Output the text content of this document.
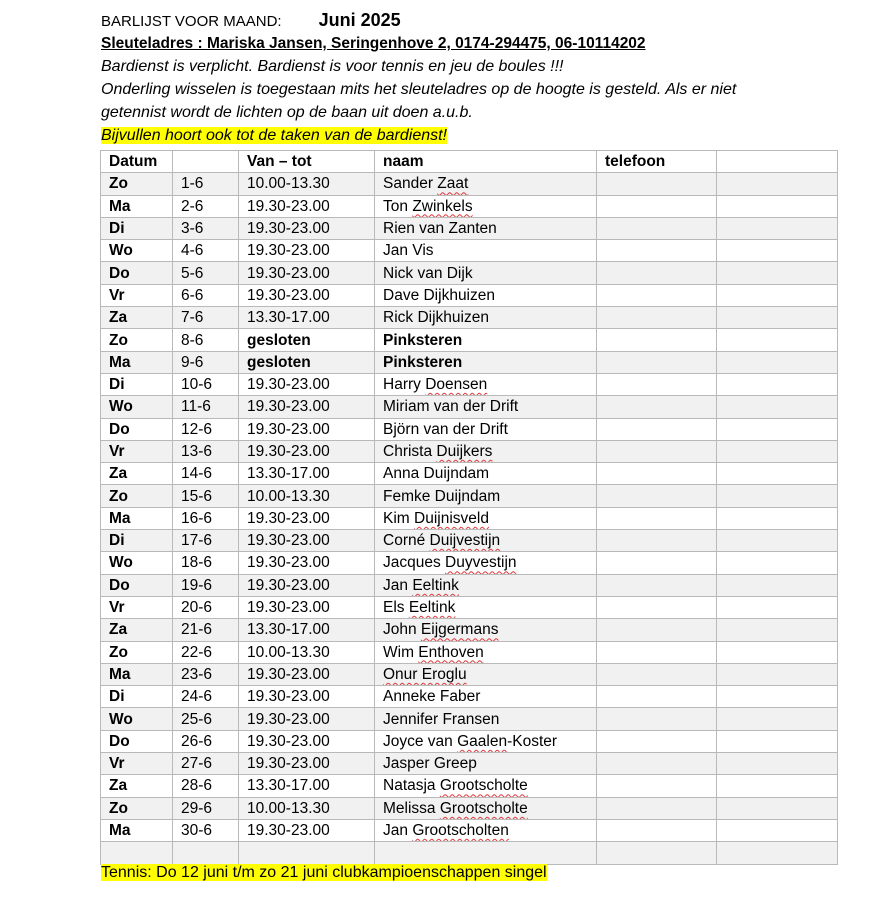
BARLIJST VOOR MAAND: Juni 2025
Sleuteladres : Mariska Jansen, Seringenhove 2, 0174-294475, 06-10114202
Bardienst is verplicht. Bardienst is voor tennis en jeu de boules !!!
Onderling wisselen is toegestaan mits het sleuteladres op de hoogte is gesteld. Als er niet
getennist wordt de lichten op de baan uit doen a.u.b.
Bijvullen hoort ook tot de taken van de bardienst!
Datum		Van – tot	naam	telefoon	
Zo	1-6	10.00-13.30	Sander Zaat		
Ma	2-6	19.30-23.00	Ton Zwinkels		
Di	3-6	19.30-23.00	Rien van Zanten		
Wo	4-6	19.30-23.00	Jan Vis		
Do	5-6	19.30-23.00	Nick van Dijk		
Vr	6-6	19.30-23.00	Dave Dijkhuizen		
Za	7-6	13.30-17.00	Rick Dijkhuizen		
Zo	8-6	gesloten	Pinksteren		
Ma	9-6	gesloten	Pinksteren		
Di	10-6	19.30-23.00	Harry Doensen		
Wo	11-6	19.30-23.00	Miriam van der Drift		
Do	12-6	19.30-23.00	Björn van der Drift		
Vr	13-6	19.30-23.00	Christa Duijkers		
Za	14-6	13.30-17.00	Anna Duijndam		
Zo	15-6	10.00-13.30	Femke Duijndam		
Ma	16-6	19.30-23.00	Kim Duijnisveld		
Di	17-6	19.30-23.00	Corné Duijvestijn		
Wo	18-6	19.30-23.00	Jacques Duyvestijn		
Do	19-6	19.30-23.00	Jan Eeltink		
Vr	20-6	19.30-23.00	Els Eeltink		
Za	21-6	13.30-17.00	John Eijgermans		
Zo	22-6	10.00-13.30	Wim Enthoven		
Ma	23-6	19.30-23.00	Onur Eroglu		
Di	24-6	19.30-23.00	Anneke Faber		
Wo	25-6	19.30-23.00	Jennifer Fransen		
Do	26-6	19.30-23.00	Joyce van Gaalen-Koster		
Vr	27-6	19.30-23.00	Jasper Greep		
Za	28-6	13.30-17.00	Natasja Grootscholte		
Zo	29-6	10.00-13.30	Melissa Grootscholte		
Ma	30-6	19.30-23.00	Jan Grootscholten		

Tennis: Do 12 juni t/m zo 21 juni clubkampioenschappen singel
